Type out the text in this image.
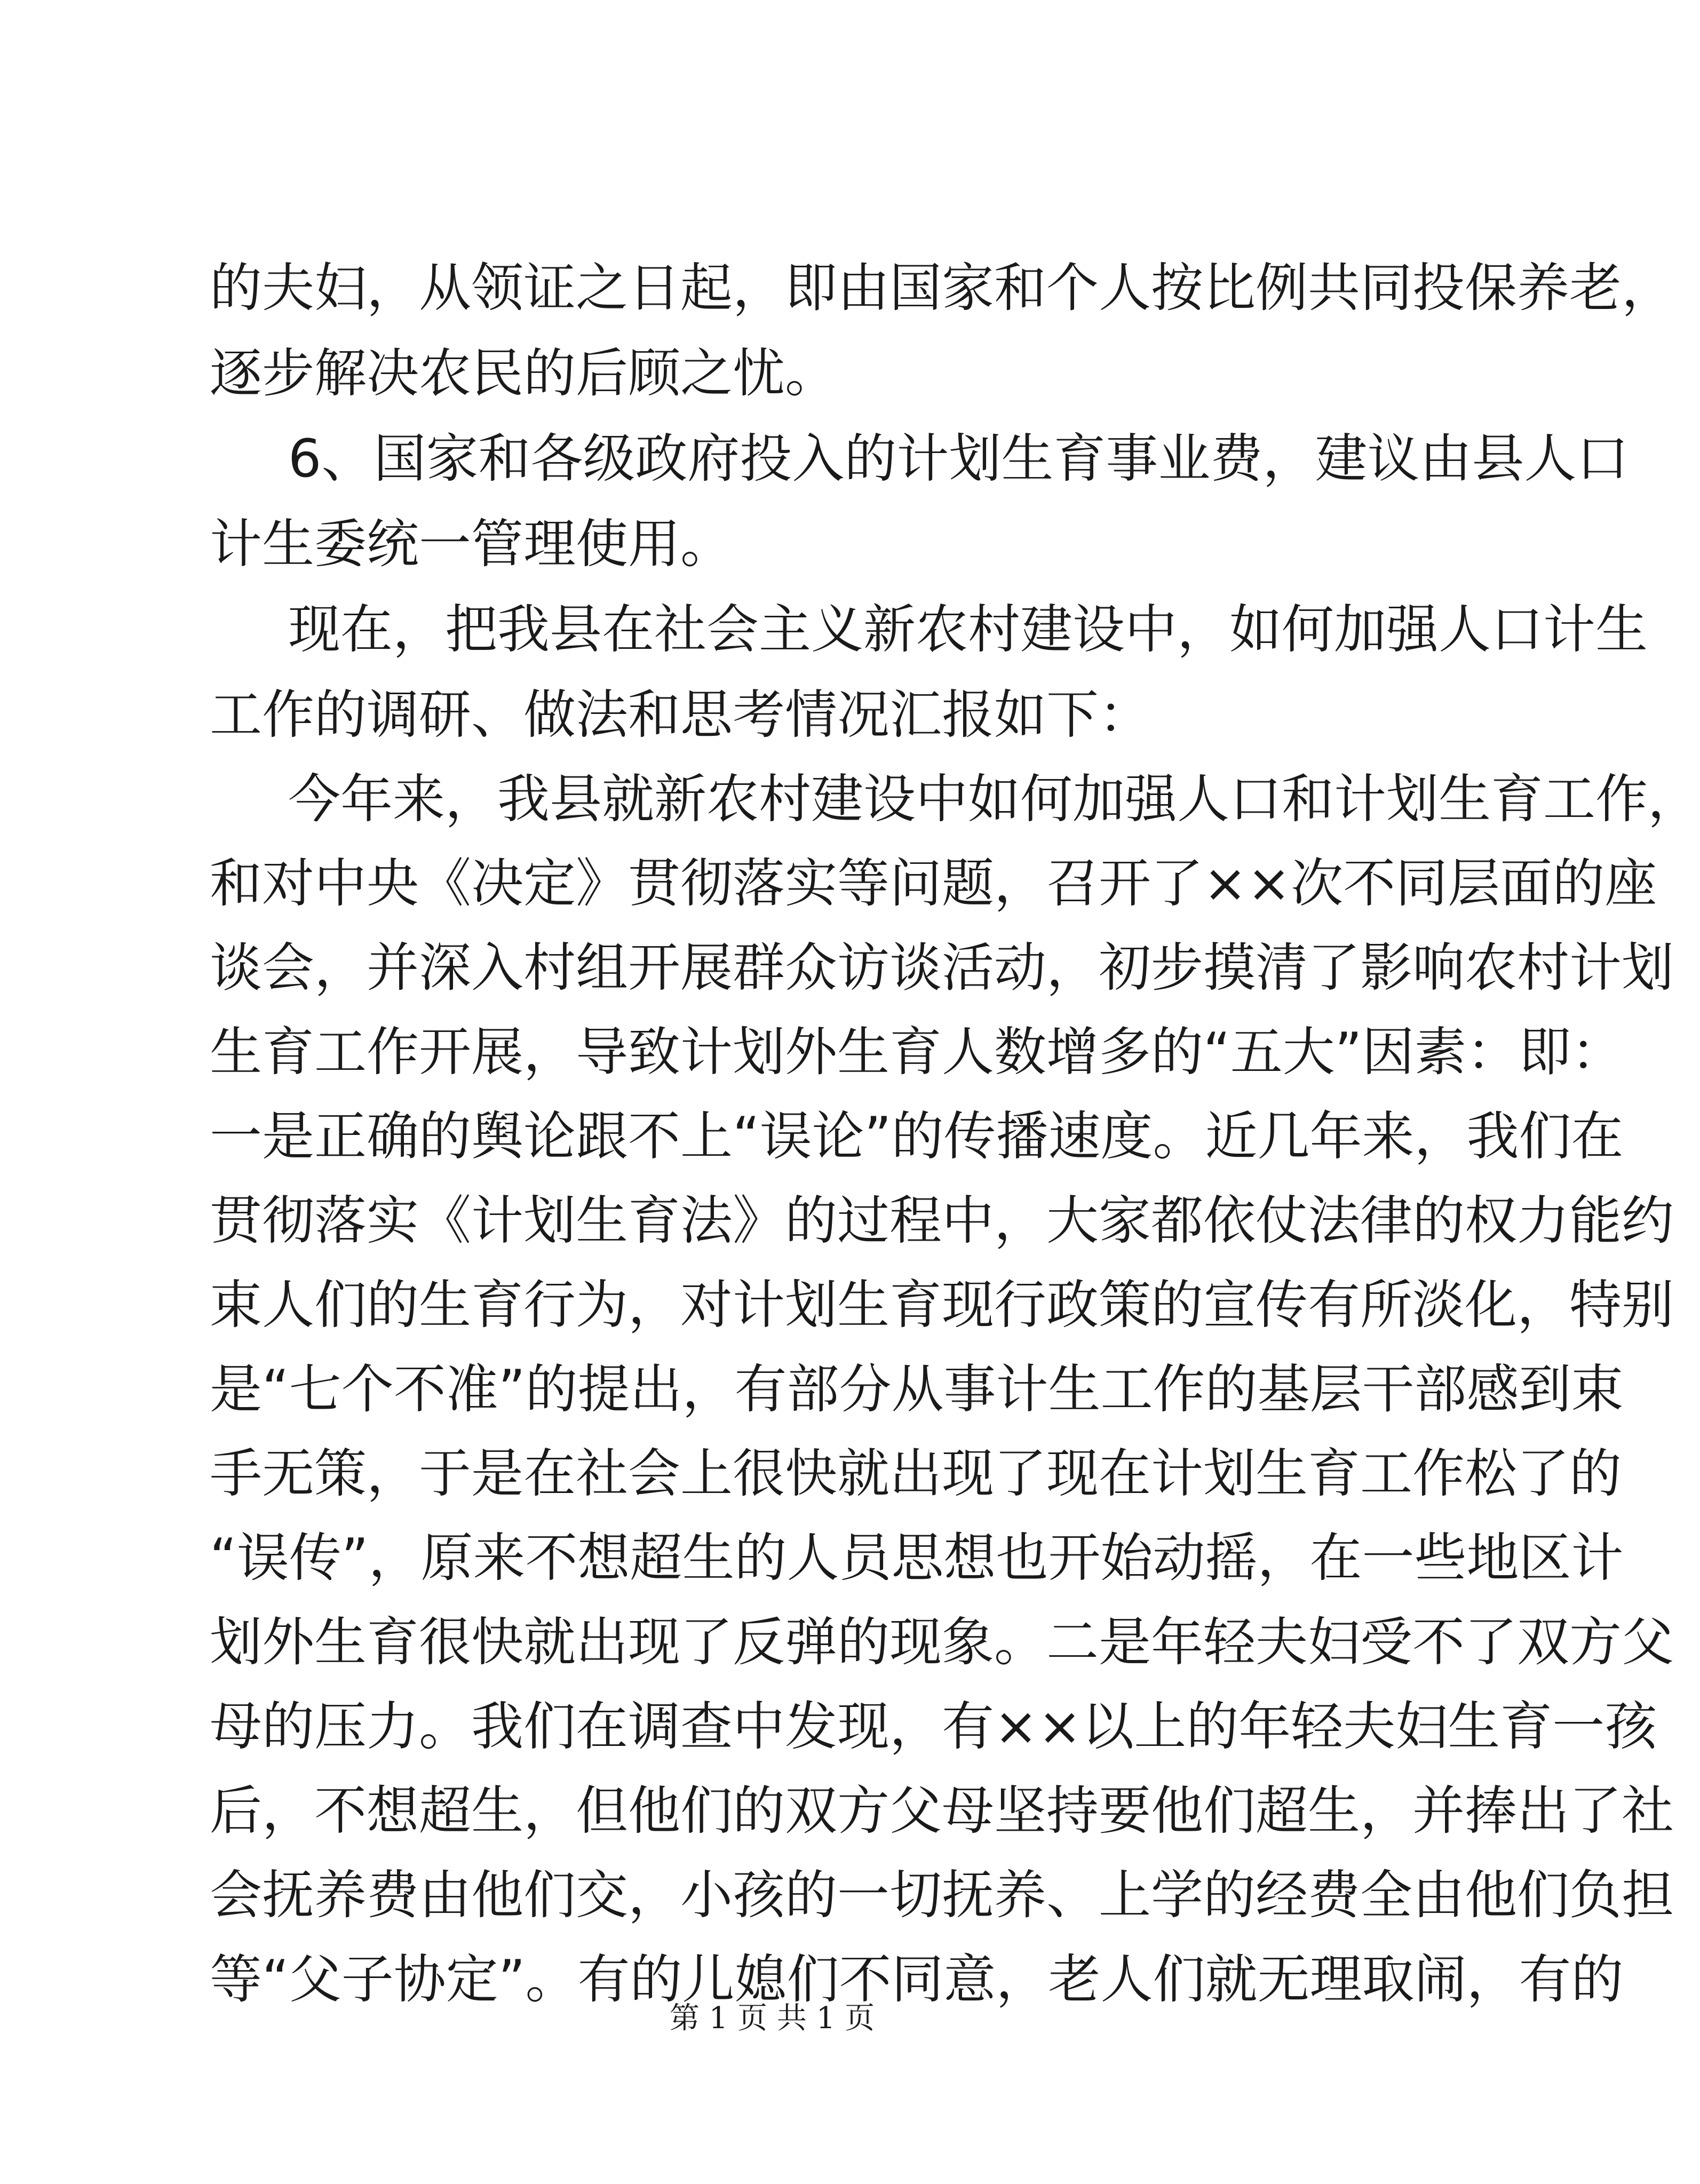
的夫妇，从领证之日起，即由国家和个人按比例共同投保养老，
逐步解决农民的后顾之忧。
6、国家和各级政府投入的计划生育事业费，建议由县人口
计生委统一管理使用。
现在，把我县在社会主义新农村建设中，如何加强人口计生
工作的调研、做法和思考情况汇报如下：
今年来，我县就新农村建设中如何加强人口和计划生育工作，
和对中央《决定》贯彻落实等问题，召开了××次不同层面的座
谈会，并深入村组开展群众访谈活动，初步摸清了影响农村计划
生育工作开展，导致计划外生育人数增多的“五大”因素：即：
一是正确的舆论跟不上“误论”的传播速度。近几年来，我们在
贯彻落实《计划生育法》的过程中，大家都依仗法律的权力能约
束人们的生育行为，对计划生育现行政策的宣传有所淡化，特别
是“七个不准”的提出，有部分从事计生工作的基层干部感到束
手无策，于是在社会上很快就出现了现在计划生育工作松了的
“误传”，原来不想超生的人员思想也开始动摇，在一些地区计
划外生育很快就出现了反弹的现象。二是年轻夫妇受不了双方父
母的压力。我们在调查中发现，有××以上的年轻夫妇生育一孩
后，不想超生，但他们的双方父母坚持要他们超生，并捧出了社
会抚养费由他们交，小孩的一切抚养、上学的经费全由他们负担
等“父子协定”。有的儿媳们不同意，老人们就无理取闹，有的
第 1 页 共 1 页
